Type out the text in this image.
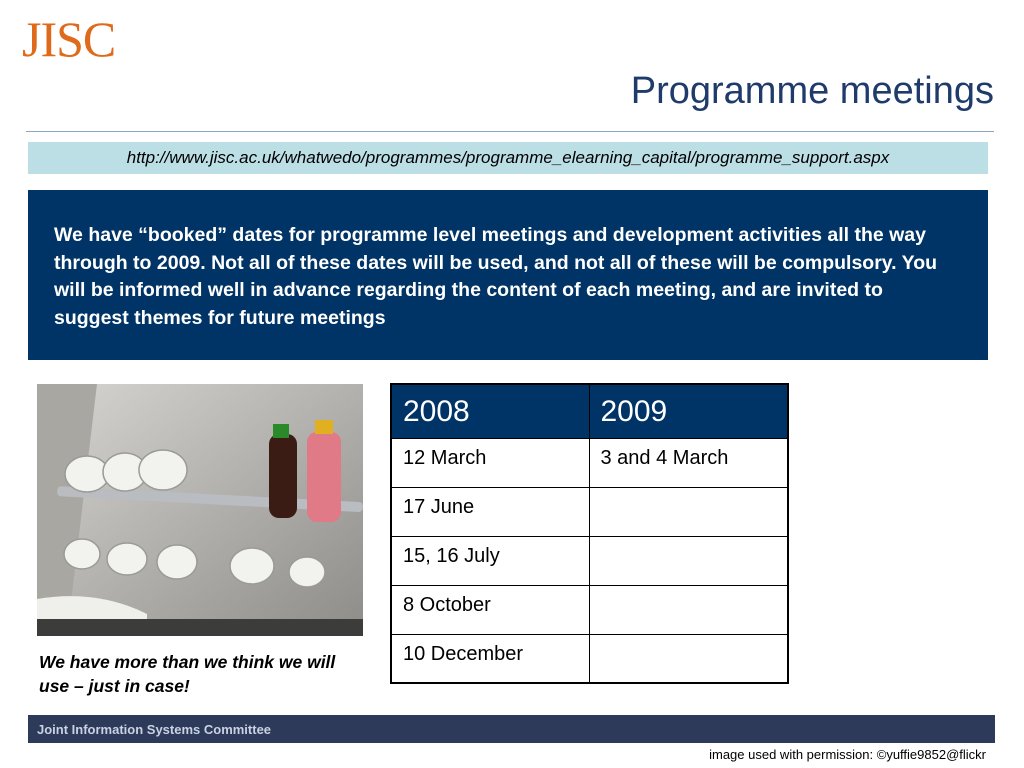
JISC
Programme meetings
http://www.jisc.ac.uk/whatwedo/programmes/programme_elearning_capital/programme_support.aspx

We have “booked” dates for programme level meetings and development activities all the way through to 2009. Not all of these dates will be used, and not all of these will be compulsory. You will be informed well in advance regarding the content of each meeting, and are invited to suggest themes for future meetings

We have more than we think we will use – just in case!
2008	2009
12 March	3 and 4 March
17 June	
15, 16 July	
8 October	
10 December	
Joint Information Systems Committee
image used with permission: ©yuffie9852@flickr
